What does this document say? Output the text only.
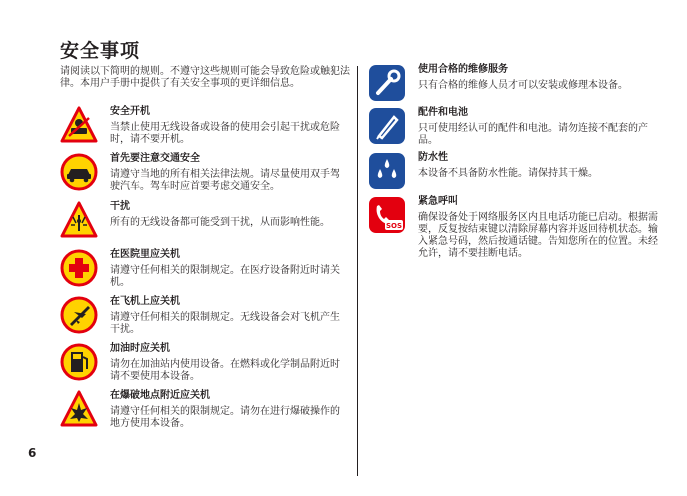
安全事项
请阅读以下简明的规则。不遵守这些规则可能会导致危险或触犯法律。本用户手册中提供了有关安全事项的更详细信息。
6
安全开机

当禁止使用无线设备或设备的使用会引起干扰或危险时，请不要开机。

首先要注意交通安全

请遵守当地的所有相关法律法规。请尽量使用双手驾驶汽车。驾车时应首要考虑交通安全。

干扰

所有的无线设备都可能受到干扰，从而影响性能。

在医院里应关机

请遵守任何相关的限制规定。在医疗设备附近时请关机。

在飞机上应关机

请遵守任何相关的限制规定。无线设备会对飞机产生干扰。

加油时应关机

请勿在加油站内使用设备。在燃料或化学制品附近时请不要使用本设备。

在爆破地点附近应关机

请遵守任何相关的限制规定。请勿在进行爆破操作的地方使用本设备。

使用合格的维修服务

只有合格的维修人员才可以安装或修理本设备。

配件和电池

只可使用经认可的配件和电池。请勿连接不配套的产品。

防水性

本设备不具备防水性能。请保持其干燥。

SOS
紧急呼叫

确保设备处于网络服务区内且电话功能已启动。根据需要，反复按结束键以清除屏幕内容并返回待机状态。输入紧急号码，然后按通话键。告知您所在的位置。未经允许，请不要挂断电话。
